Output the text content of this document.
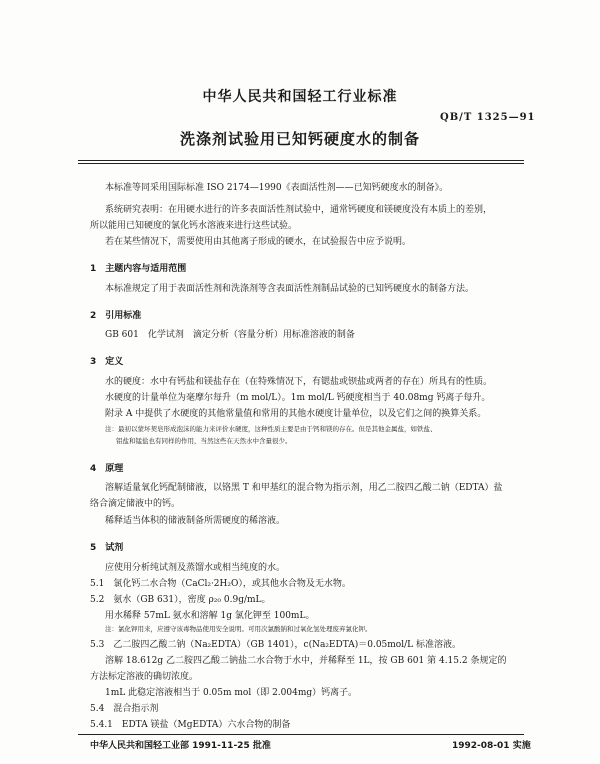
中华人民共和国轻工行业标准
QB/T 1325—91
洗涤剂试验用已知钙硬度水的制备
本标准等同采用国际标准 ISO 2174—1990《表面活性剂——已知钙硬度水的制备》。
系统研究表明：在用硬水进行的许多表面活性剂试验中，通常钙硬度和镁硬度没有本质上的差别，
所以能用已知硬度的氯化钙水溶液来进行这些试验。
若在某些情况下，需要使用由其他离子形成的硬水，在试验报告中应予说明。
1　主题内容与适用范围
本标准规定了用于表面活性剂和洗涤剂等含表面活性剂制品试验的已知钙硬度水的制备方法。
2　引用标准
GB 601　化学试剂　滴定分析（容量分析）用标准溶液的制备
3　定义
水的硬度：水中有钙盐和镁盐存在（在特殊情况下，有锶盐或钡盐或两者的存在）所具有的性质。
水硬度的计量单位为毫摩尔每升（m mol/L）。1m mol/L 钙硬度相当于 40.08mg 钙离子每升。
附录 A 中提供了水硬度的其他常量值和常用的其他水硬度计量单位，以及它们之间的换算关系。
注：最初以蒙坏契皂形成泡沫的能力来评价水硬度，这种性质主要是由于钙和镁的存在。但是其他金属盐，如铁盐、
铝盐和锰盐也有同样的作用，当然这些在天然水中含量很少。
4　原理
溶解适量氧化钙配制储液，以铬黑 T 和甲基红的混合物为指示剂，用乙二胺四乙酸二钠（EDTA）盐
络合滴定储液中的钙。
稀释适当体积的储液制备所需硬度的稀溶液。
5　试剂
应使用分析纯试剂及蒸馏水或相当纯度的水。
5.1　氯化钙二水合物（CaCl₂·2H₂O），或其他水合物及无水物。
5.2　氨水（GB 631），密度 ρ₂₀ 0.9g/mL。
用水稀释 57mL 氨水和溶解 1g 氯化钾至 100mL。
注：氯化钾用来，应遵守该毒物品使用安全说明。可用次氯酸钠和过氧化氢处理废弃氯化钾。
5.3　乙二胺四乙酸二钠（Na₂EDTA）（GB 1401），c(Na₂EDTA)＝0.05mol/L 标准溶液。
溶解 18.612g 乙二胺四乙酸二钠盐二水合物于水中，并稀释至 1L，按 GB 601 第 4.15.2 条规定的
方法标定溶液的确切浓度。
1mL 此稳定溶液相当于 0.05m mol（即 2.004mg）钙离子。
5.4　混合指示剂
5.4.1　EDTA 镁盐（MgEDTA）六水合物的制备
中华人民共和国轻工业部 1991-11-25 批准	1992-08-01 实施
